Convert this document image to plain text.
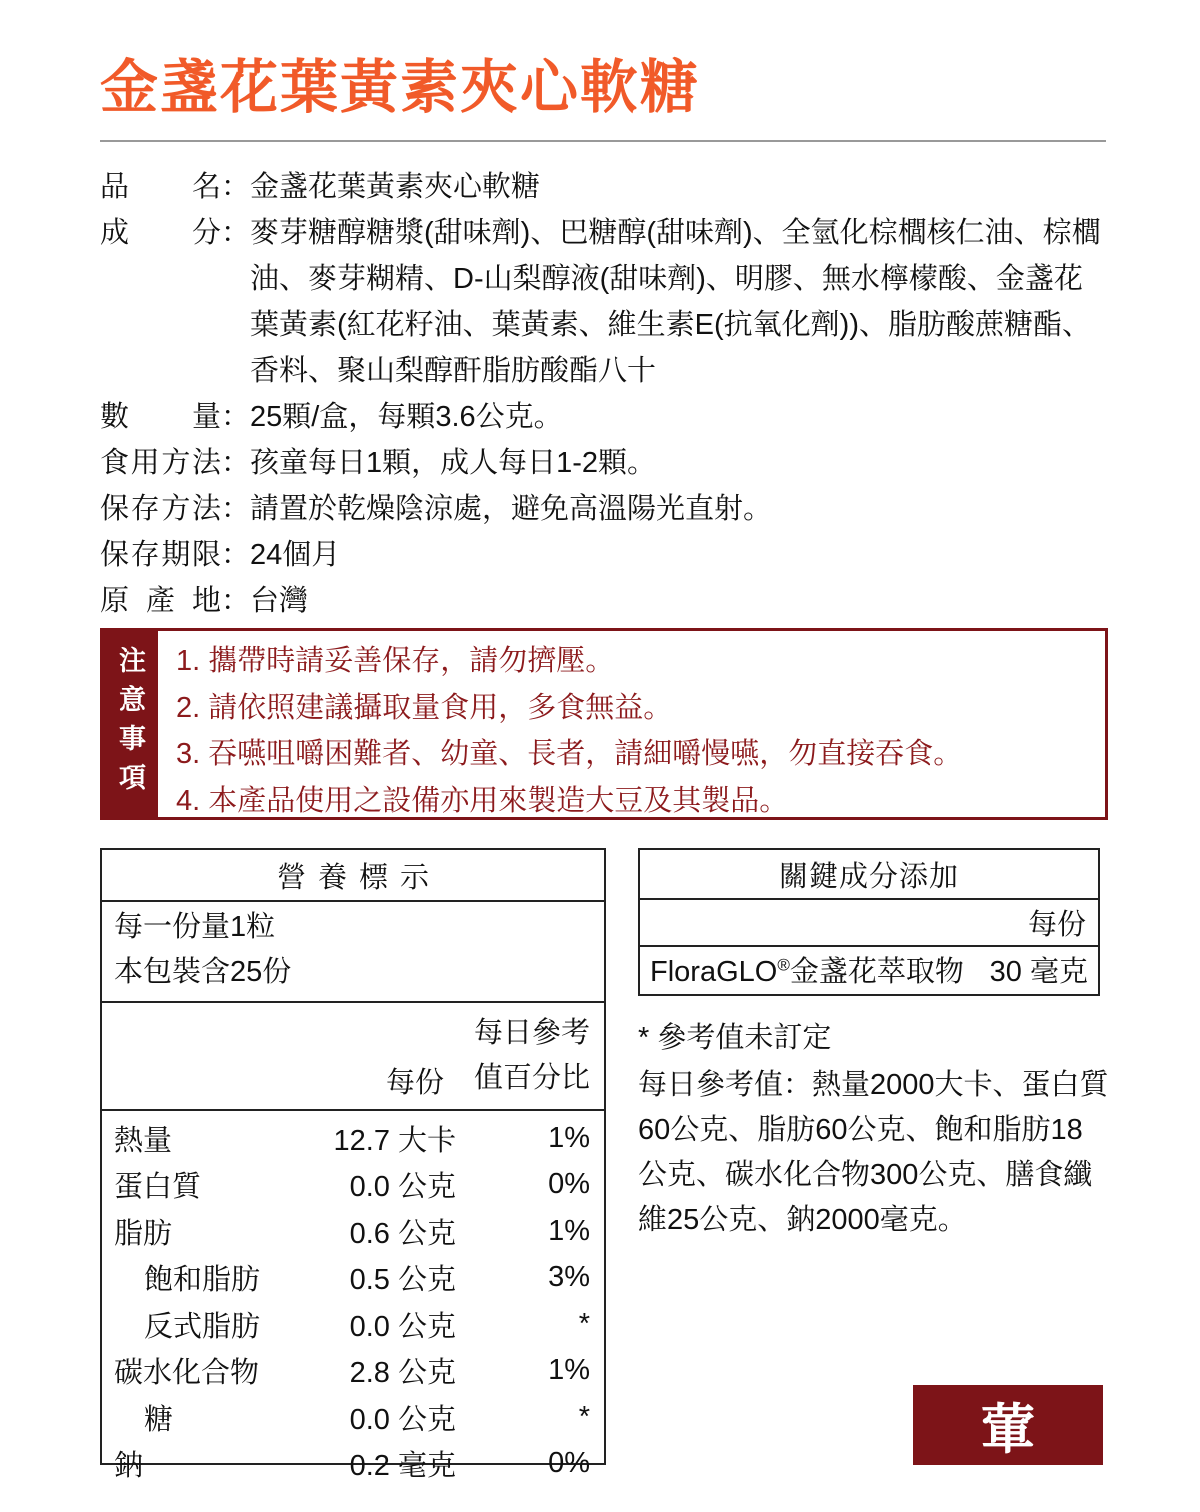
金盞花葉黃素夾心軟糖
品名 ： 金盞花葉黃素夾心軟糖
成分 ： 麥芽糖醇糖漿(甜味劑)、巴糖醇(甜味劑)、全氫化棕櫚核仁油、棕櫚油、麥芽糊精、D-山梨醇液(甜味劑)、明膠、無水檸檬酸、金盞花葉黃素(紅花籽油、葉黃素、維生素E(抗氧化劑))、脂肪酸蔗糖酯、香料、聚山梨醇酐脂肪酸酯八十
數量 ： 25顆/盒，每顆3.6公克。
食用方法 ： 孩童每日1顆，成人每日1-2顆。
保存方法 ： 請置於乾燥陰涼處，避免高溫陽光直射。
保存期限 ： 24個月
原產地 ： 台灣
注意事項 1. 攜帶時請妥善保存，請勿擠壓。
2. 請依照建議攝取量食用，多食無益。
3. 吞嚥咀嚼困難者、幼童、長者，請細嚼慢嚥，勿直接吞食。
4. 本產品使用之設備亦用來製造大豆及其製品。
營養標示
每一份量1粒
本包裝含25份
每份
每日參考
值百分比
熱量	12.7 大卡	1%
蛋白質	0.0 公克	0%
脂肪	0.6 公克	1%
飽和脂肪	0.5 公克	3%
反式脂肪	0.0 公克	*
碳水化合物	2.8 公克	1%
糖	0.0 公克	*
鈉	0.2 毫克	0%
關鍵成分添加
每份
FloraGLO®金盞花萃取物 30 毫克
* 參考值未訂定
每日參考值：熱量2000大卡、蛋白質60公克、脂肪60公克、飽和脂肪18公克、碳水化合物300公克、膳食纖維25公克、鈉2000毫克。
葷
